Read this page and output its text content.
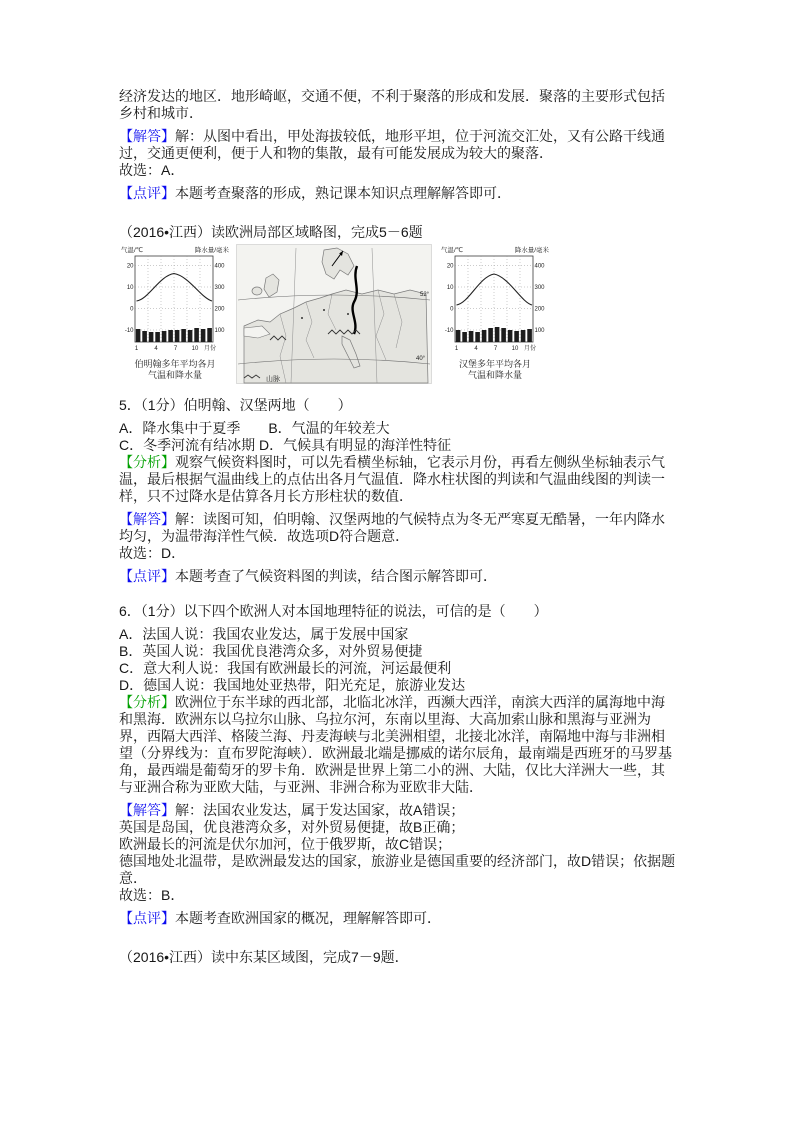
经济发达的地区．地形崎岖，交通不便，不利于聚落的形成和发展．聚落的主要形式包括乡村和城市．

【解答】解：从图中看出，甲处海拔较低，地形平坦，位于河流交汇处，又有公路干线通过，交通更便利，便于人和物的集散，最有可能发展成为较大的聚落．

故选：A．

【点评】本题考查聚落的形成，熟记课本知识点理解解答即可．

（2016•江西）读欧洲局部区域略图，完成5－6题

气温/℃	降水量/毫米
20
10
0
-10
400
300
200
100
1	4	7 10 月份

伯明翰多年平均各月

气温和降水量

52°
40°
山脉
气温/℃	降水量/毫米
20
10
0
-10
400
300
200
100
1	4	7 10 月份

汉堡多年平均各月

气温和降水量

5．（1分）伯明翰、汉堡两地（　　）

A．降水集中于夏季　　B．气温的年较差大

C．冬季河流有结冰期 D．气候具有明显的海洋性特征

【分析】观察气候资料图时，可以先看横坐标轴，它表示月份，再看左侧纵坐标轴表示气温，最后根据气温曲线上的点估出各月气温值．降水柱状图的判读和气温曲线图的判读一样，只不过降水是估算各月长方形柱状的数值．

【解答】解：读图可知，伯明翰、汉堡两地的气候特点为冬无严寒夏无酷暑，一年内降水均匀，为温带海洋性气候．故选项D符合题意．

故选：D．

【点评】本题考查了气候资料图的判读，结合图示解答即可．

6．（1分）以下四个欧洲人对本国地理特征的说法，可信的是（　　）

A．法国人说：我国农业发达，属于发展中国家

B．英国人说：我国优良港湾众多，对外贸易便捷

C．意大利人说：我国有欧洲最长的河流，河运最便利

D．德国人说：我国地处亚热带，阳光充足，旅游业发达

【分析】欧洲位于东半球的西北部，北临北冰洋，西濒大西洋，南滨大西洋的属海地中海和黑海．欧洲东以乌拉尔山脉、乌拉尔河，东南以里海、大高加索山脉和黑海与亚洲为界，西隔大西洋、格陵兰海、丹麦海峡与北美洲相望，北接北冰洋，南隔地中海与非洲相望（分界线为：直布罗陀海峡）．欧洲最北端是挪威的诺尔辰角，最南端是西班牙的马罗基角，最西端是葡萄牙的罗卡角．欧洲是世界上第二小的洲、大陆，仅比大洋洲大一些，其与亚洲合称为亚欧大陆，与亚洲、非洲合称为亚欧非大陆．

【解答】解：法国农业发达，属于发达国家，故A错误；

英国是岛国，优良港湾众多，对外贸易便捷，故B正确；

欧洲最长的河流是伏尔加河，位于俄罗斯，故C错误；

德国地处北温带，是欧洲最发达的国家，旅游业是德国重要的经济部门，故D错误；依据题意．

故选：B．

【点评】本题考查欧洲国家的概况，理解解答即可．

（2016•江西）读中东某区域图，完成7－9题．
